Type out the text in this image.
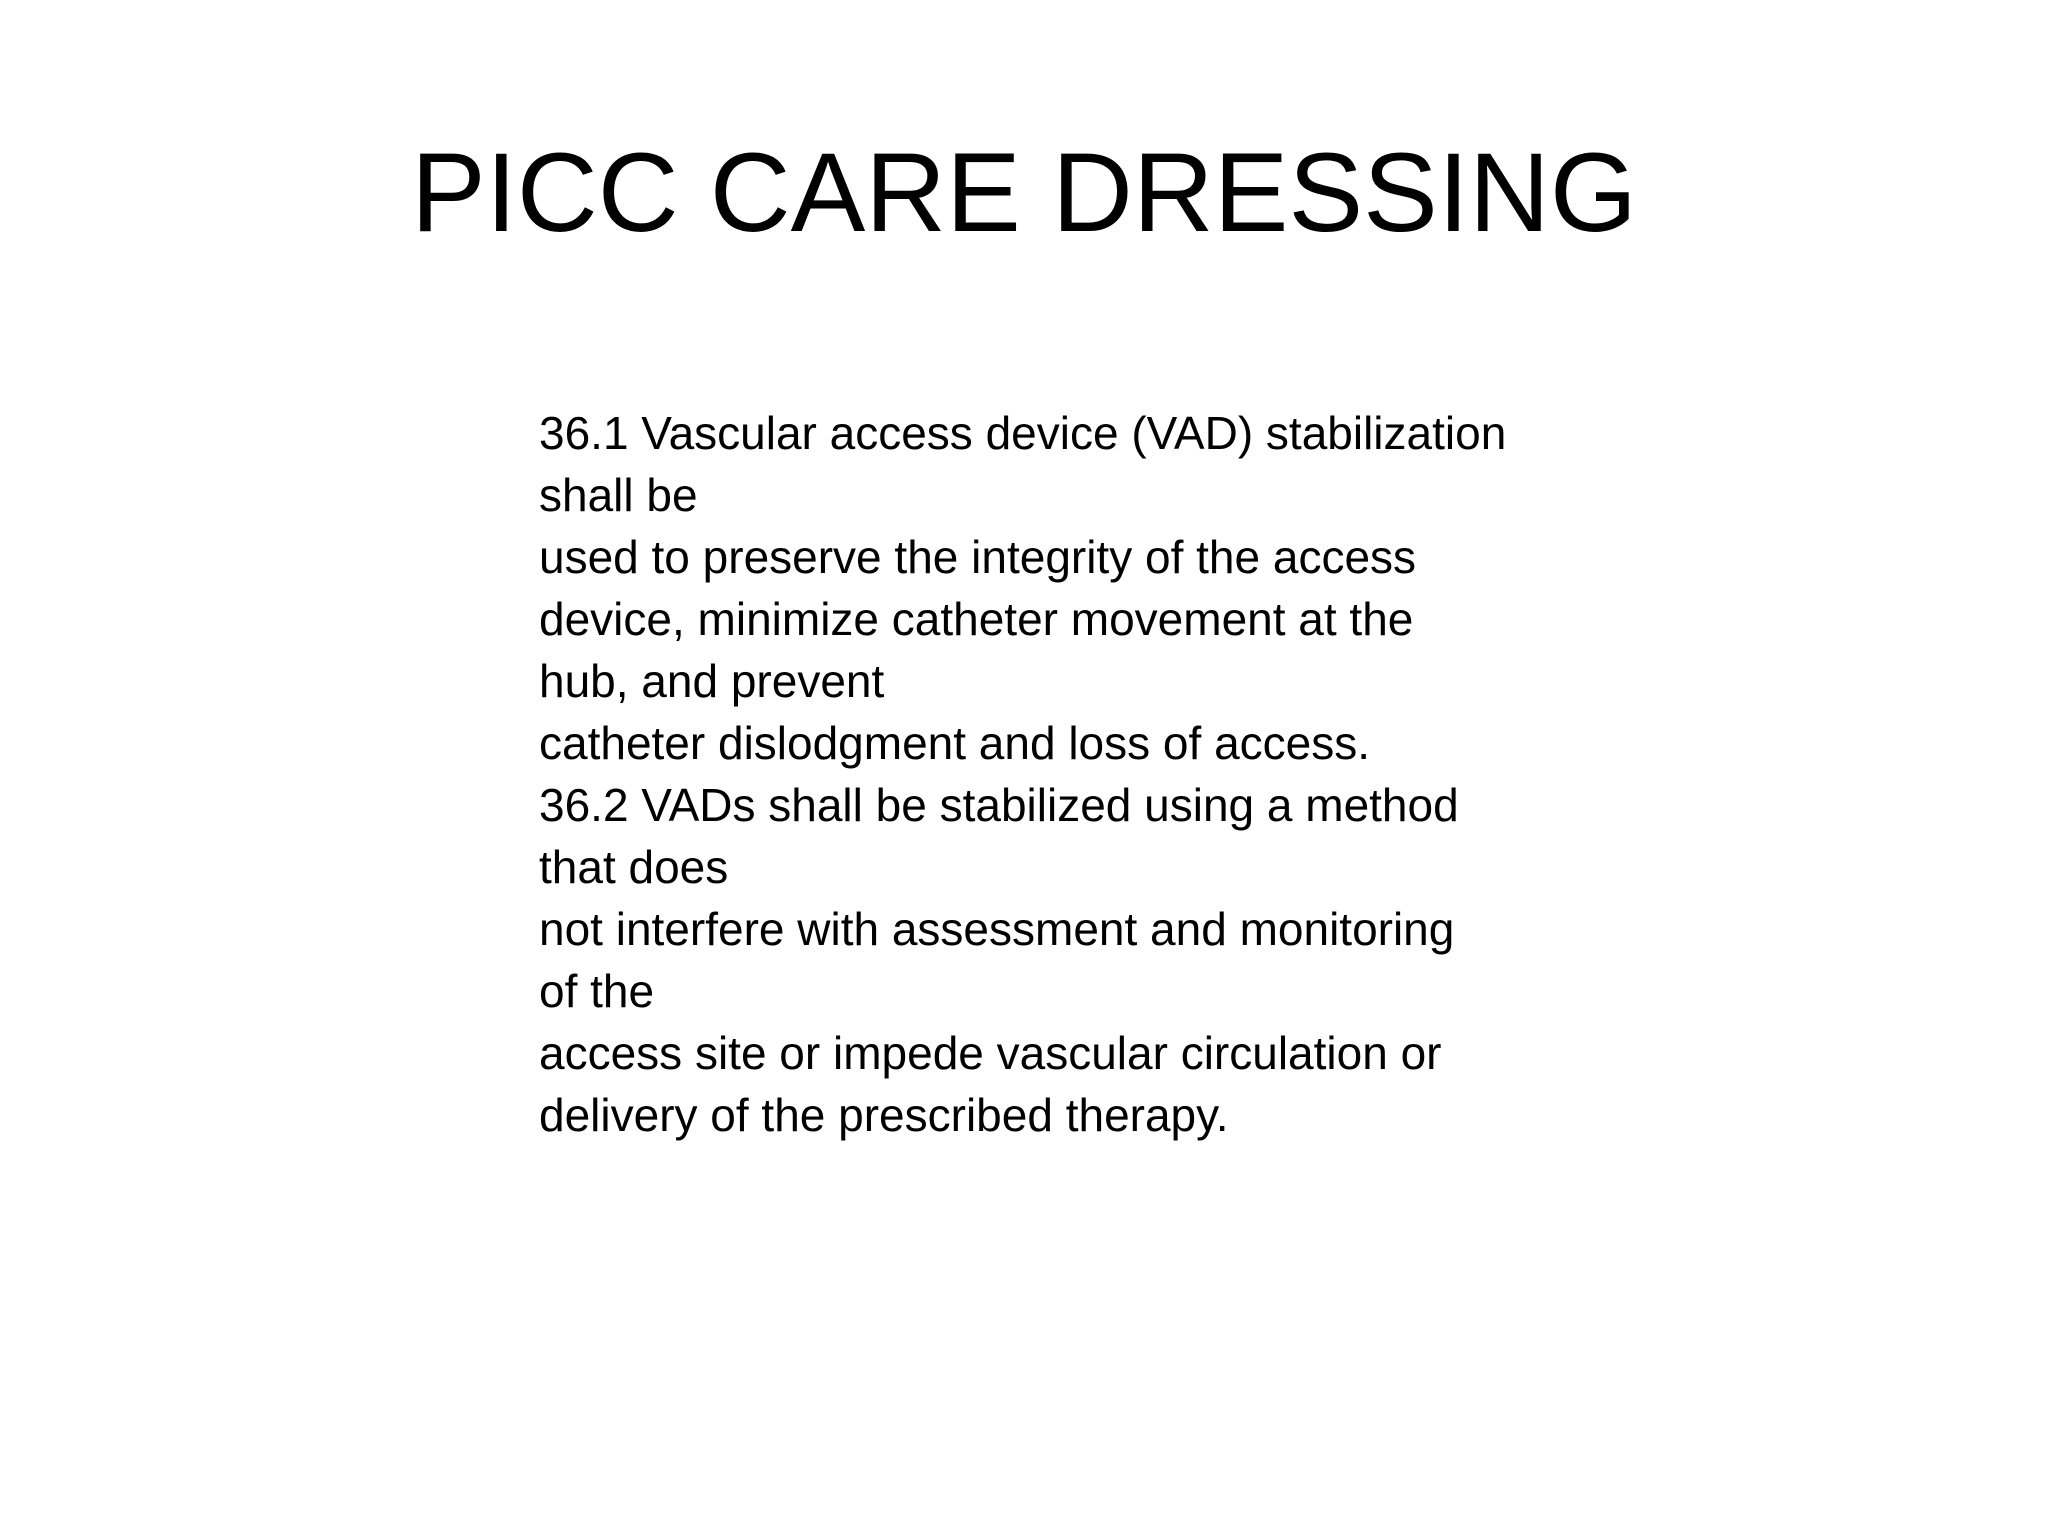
PICC CARE DRESSING
36.1 Vascular access device (VAD) stabilization
shall be
used to preserve the integrity of the access
device, minimize catheter movement at the
hub, and prevent
catheter dislodgment and loss of access.
36.2 VADs shall be stabilized using a method
that does
not interfere with assessment and monitoring
of the
access site or impede vascular circulation or
delivery of the prescribed therapy.
